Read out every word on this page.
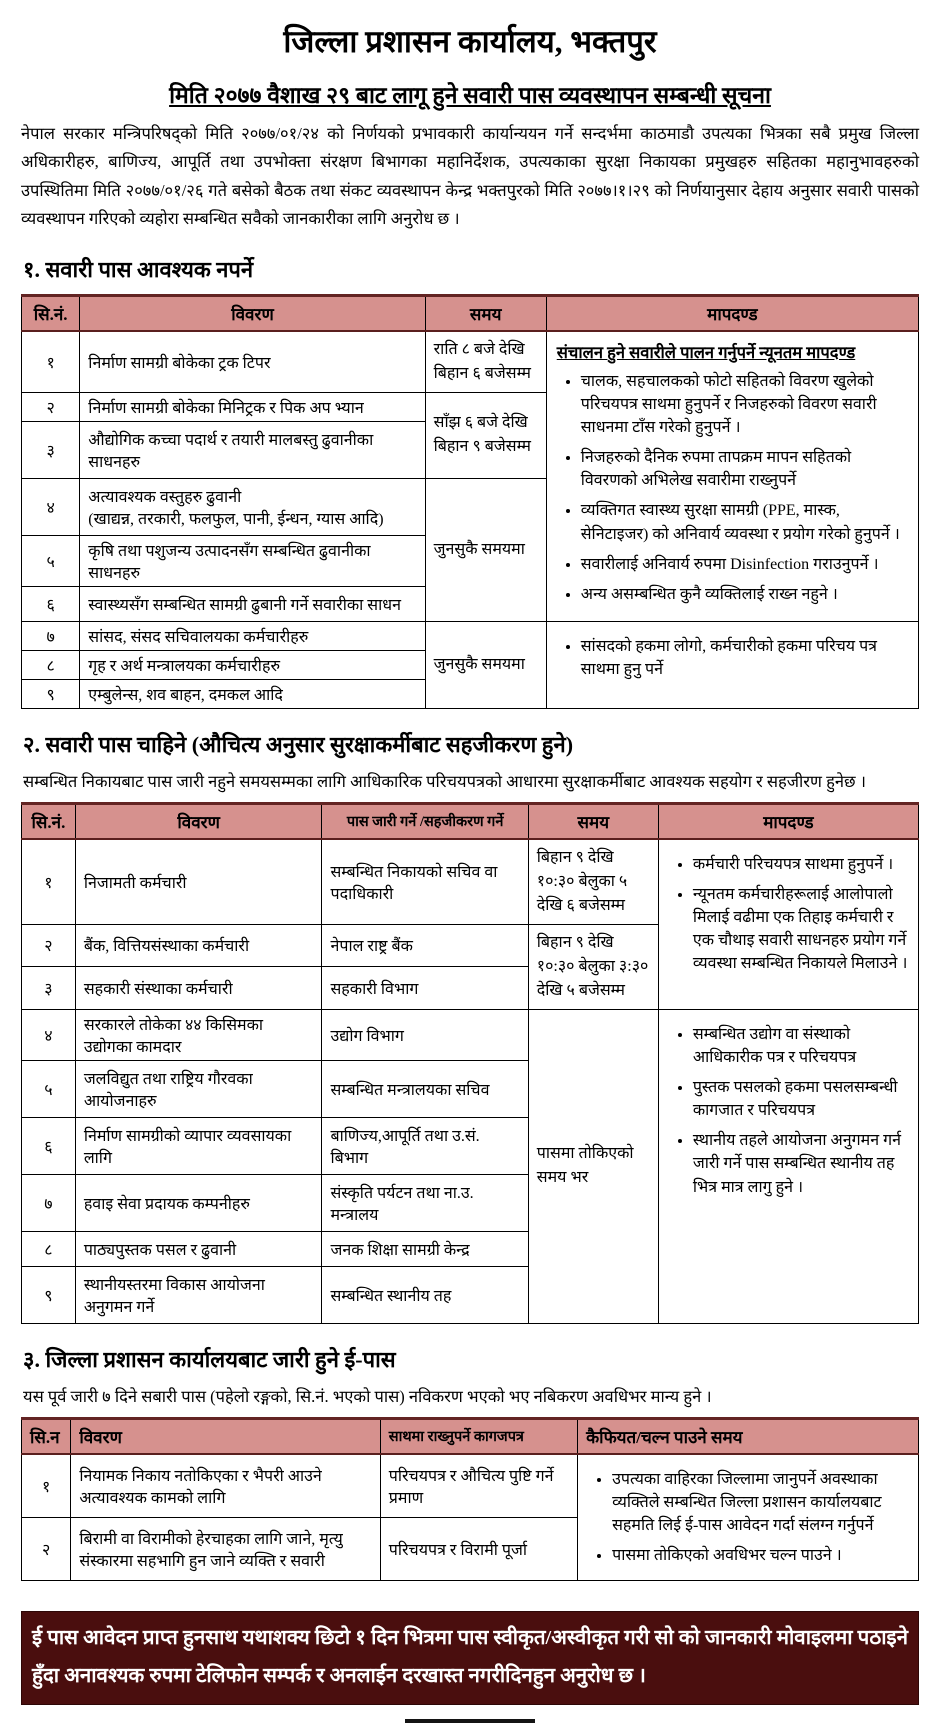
जिल्ला प्रशासन कार्यालय, भक्तपुर
मिति २०७७ वैशाख २९ बाट लागू हुने सवारी पास व्यवस्थापन सम्बन्धी सूचना

नेपाल सरकार मन्त्रिपरिषद्को मिति २०७७/०१/२४ को निर्णयको प्रभावकारी कार्यान्ययन गर्ने सन्दर्भमा काठमाडौ उपत्यका भित्रका सबै प्रमुख जिल्ला अधिकारीहरु, बाणिज्य, आपूर्ति तथा उपभोक्ता संरक्षण बिभागका महानिर्देशक, उपत्यकाका सुरक्षा निकायका प्रमुखहरु सहितका महानुभावहरुको उपस्थितिमा मिति २०७७/०१/२६ गते बसेको बैठक तथा संकट व्यवस्थापन केन्द्र भक्तपुरको मिति २०७७।१।२९ को निर्णयानुसार देहाय अनुसार सवारी पासको व्यवस्थापन गरिएको व्यहोरा सम्बन्धित सवैको जानकारीका लागि अनुरोध छ ।

१. सवारी पास आवश्यक नपर्ने
सि.नं.	विवरण	समय	मापदण्ड
१	निर्माण सामग्री बोकेका ट्रक टिपर	राति ८ बजे देखि बिहान ६ बजेसम्म	
संचालन हुने सवारीले पालन गर्नुपर्ने न्यूनतम मापदण्ड
• चालक, सहचालकको फोटो सहितको विवरण खुलेको परिचयपत्र साथमा हुनुपर्ने र निजहरुको विवरण सवारी साधनमा टाँस गरेको हुनुपर्ने ।
• निजहरुको दैनिक रुपमा तापक्रम मापन सहितको विवरणको अभिलेख सवारीमा राख्नुपर्ने
• व्यक्तिगत स्वास्थ्य सुरक्षा सामग्री (PPE, मास्क, सेनिटाइजर) को अनिवार्य व्यवस्था र प्रयोग गरेको हुनुपर्ने ।
• सवारीलाई अनिवार्य रुपमा Disinfection गराउनुपर्ने ।
• अन्य असम्बन्धित कुनै व्यक्तिलाई राख्न नहुने ।

२	निर्माण सामग्री बोकेका मिनिट्रक र पिक अप भ्यान	साँझ ६ बजे देखि बिहान ९ बजेसम्म	
३	औद्योगिक कच्चा पदार्थ र तयारी मालबस्तु ढुवानीका साधनहरु		
४	अत्यावश्यक वस्तुहरु ढुवानी
(खाद्यन्न, तरकारी, फलफुल, पानी, ईन्धन, ग्यास आदि)	जुनसुकै समयमा	
५	कृषि तथा पशुजन्य उत्पादनसँग सम्बन्धित ढुवानीका साधनहरु		
६	स्वास्थ्यसँग सम्बन्धित सामग्री ढुबानी गर्ने सवारीका साधन		
७	सांसद, संसद सचिवालयका कर्मचारीहरु	जुनसुकै समयमा	
• सांसदको हकमा लोगो, कर्मचारीको हकमा परिचय पत्र साथमा हुनु पर्ने

८	गृह र अर्थ मन्त्रालयका कर्मचारीहरु		
९	एम्बुलेन्स, शव बाहन, दमकल आदि		
२. सवारी पास चाहिने (औचित्य अनुसार सुरक्षाकर्मीबाट सहजीकरण हुने)

सम्बन्धित निकायबाट पास जारी नहुने समयसम्मका लागि आधिकारिक परिचयपत्रको आधारमा सुरक्षाकर्मीबाट आवश्यक सहयोग र सहजीरण हुनेछ ।

सि.नं.	विवरण	पास जारी गर्ने /सहजीकरण गर्ने	समय	मापदण्ड
१	निजामती कर्मचारी	सम्बन्धित निकायको सचिव वा पदाधिकारी	बिहान ९ देखि १०:३० बेलुका ५ देखि ६ बजेसम्म	
• कर्मचारी परिचयपत्र साथमा हुनुपर्ने ।
• न्यूनतम कर्मचारीहरूलाई आलोपालो मिलाई वढीमा एक तिहाइ कर्मचारी र एक चौथाइ सवारी साधनहरु प्रयोग गर्ने व्यवस्था सम्बन्धित निकायले मिलाउने ।

२	बैंक, वित्तियसंस्थाका कर्मचारी	नेपाल राष्ट्र बैंक	बिहान ९ देखि १०:३० बेलुका ३:३० देखि ५ बजेसम्म	
३	सहकारी संस्थाका कर्मचारी	सहकारी विभाग		
४	सरकारले तोकेका ४४ किसिमका उद्योगका कामदार	उद्योग विभाग	पासमा तोकिएको समय भर	
• सम्बन्धित उद्योग वा संस्थाको आधिकारीक पत्र र परिचयपत्र
• पुस्तक पसलको हकमा पसलसम्बन्धी कागजात र परिचयपत्र
• स्थानीय तहले आयोजना अनुगमन गर्न जारी गर्ने पास सम्बन्धित स्थानीय तह भित्र मात्र लागु हुने ।

५	जलविद्युत तथा राष्ट्रिय गौरवका आयोजनाहरु	सम्बन्धित मन्त्रालयका सचिव		
६	निर्माण सामग्रीको व्यापार व्यवसायका लागि	बाणिज्य,आपूर्ति तथा उ.सं. बिभाग		
७	हवाइ सेवा प्रदायक कम्पनीहरु	संस्कृति पर्यटन तथा ना.उ. मन्त्रालय		
८	पाठ्यपुस्तक पसल र ढुवानी	जनक शिक्षा सामग्री केन्द्र		
९	स्थानीयस्तरमा विकास आयोजना अनुगमन गर्ने	सम्बन्धित स्थानीय तह		
३. जिल्ला प्रशासन कार्यालयबाट जारी हुने ई-पास

यस पूर्व जारी ७ दिने सबारी पास (पहेलो रङ्गको, सि.नं. भएको पास) नविकरण भएको भए नबिकरण अवधिभर मान्य हुने ।

सि.न	विवरण	साथमा राख्नुपर्ने कागजपत्र	कैफियत/चल्न पाउने समय
१	नियामक निकाय नतोकिएका र भैपरी आउने अत्यावश्यक कामको लागि	परिचयपत्र र औचित्य पुष्टि गर्ने प्रमाण	
• उपत्यका वाहिरका जिल्लामा जानुपर्ने अवस्थाका व्यक्तिले सम्बन्धित जिल्ला प्रशासन कार्यालयबाट सहमति लिई ई-पास आवेदन गर्दा संलग्न गर्नुपर्ने
• पासमा तोकिएको अवधिभर चल्न पाउने ।

२	बिरामी वा विरामीको हेरचाहका लागि जाने, मृत्यु संस्कारमा सहभागि हुन जाने व्यक्ति र सवारी	परिचयपत्र र विरामी पूर्जा	
ई पास आवेदन प्राप्त हुनसाथ यथाशक्य छिटो १ दिन भित्रमा पास स्वीकृत/अस्वीकृत गरी सो को जानकारी मोवाइलमा पठाइने हुँदा अनावश्यक रुपमा टेलिफोन सम्पर्क र अनलाईन दरखास्त नगरीदिनहुन अनुरोध छ ।
